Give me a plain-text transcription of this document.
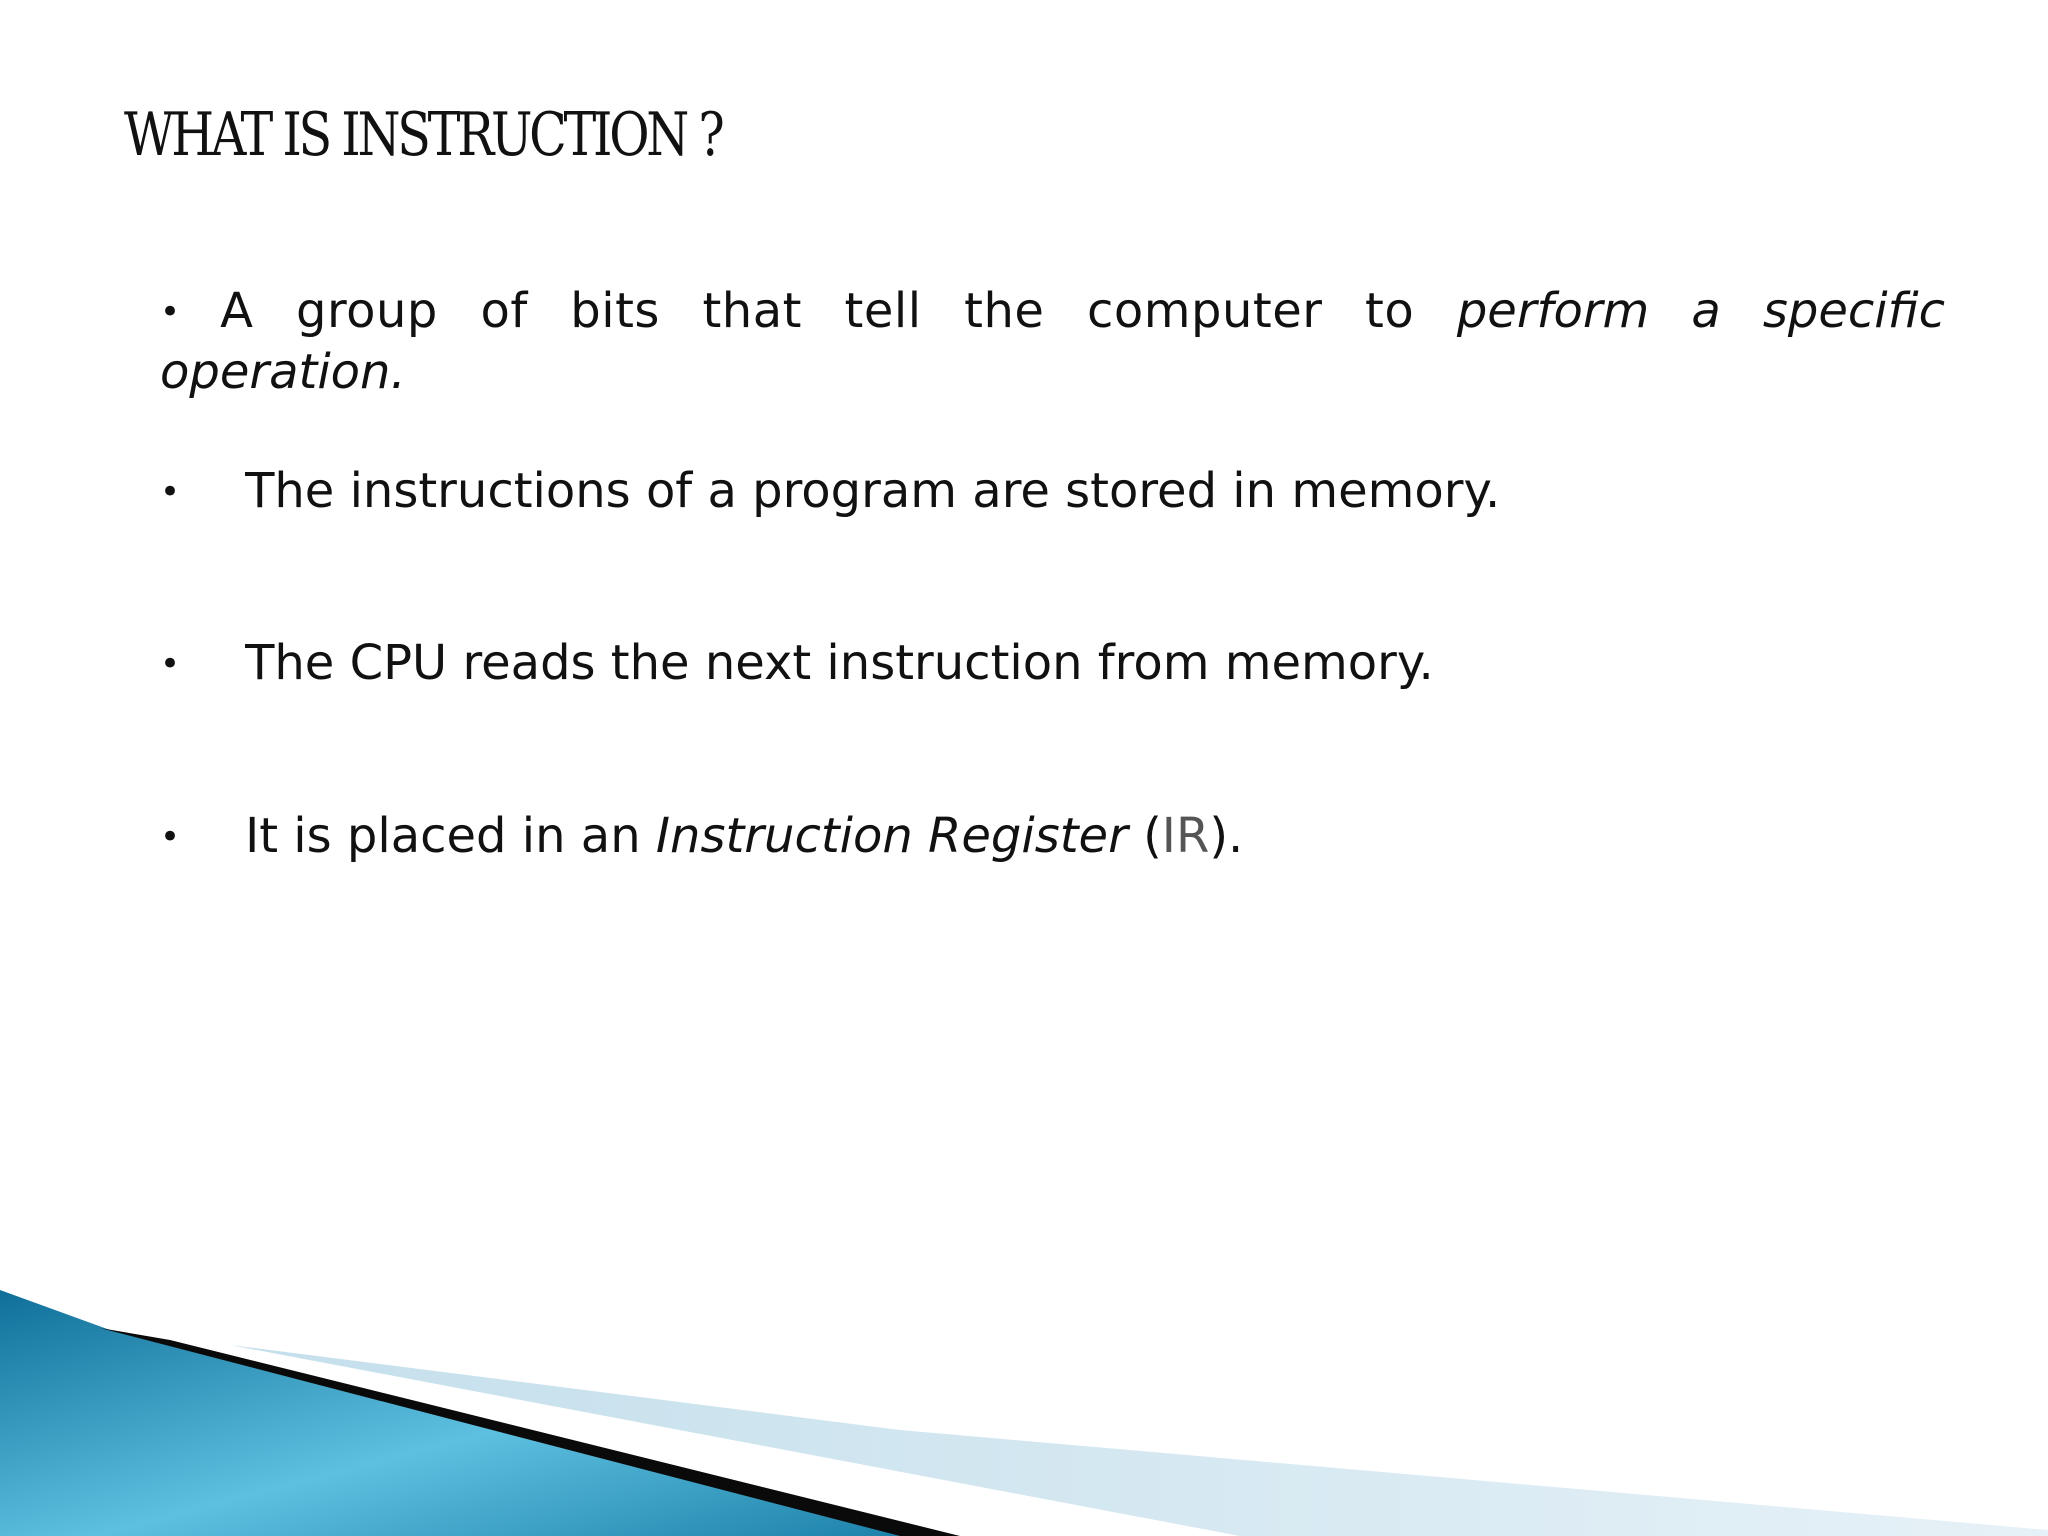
WHAT IS INSTRUCTION ?
• A group of bits that tell the computer to perform a specific operation.
• The instructions of a program are stored in memory.
• The CPU reads the next instruction from memory.
• It is placed in an Instruction Register (IR).
